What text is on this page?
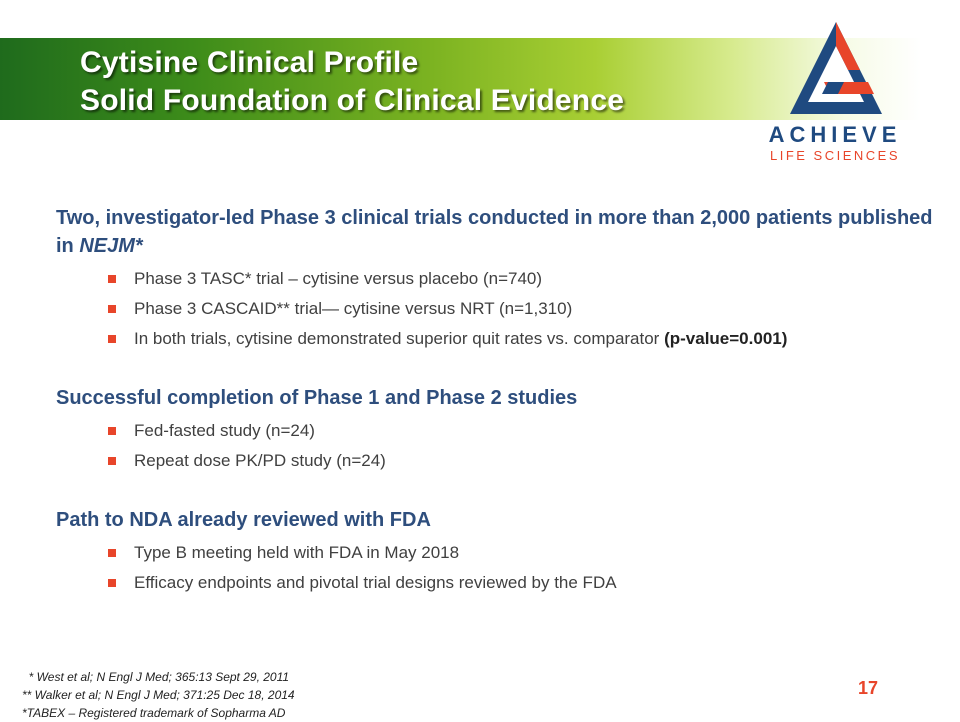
Cytisine Clinical Profile
Solid Foundation of Clinical Evidence
ACHIEVE
LIFE SCIENCES

Two, investigator-led Phase 3 clinical trials conducted in more than 2,000 patients published in NEJM*

Phase 3 TASC* trial – cytisine versus placebo (n=740)
Phase 3 CASCAID** trial— cytisine versus NRT (n=1,310)
In both trials, cytisine demonstrated superior quit rates vs. comparator (p-value=0.001)

Successful completion of Phase 1 and Phase 2 studies

Fed-fasted study (n=24)
Repeat dose PK/PD study (n=24)

Path to NDA already reviewed with FDA

Type B meeting held with FDA in May 2018
Efficacy endpoints and pivotal trial designs reviewed by the FDA
* West et al; N Engl J Med; 365:13 Sept 29, 2011
** Walker et al; N Engl J Med; 371:25 Dec 18, 2014
*TABEX – Registered trademark of Sopharma AD
17
